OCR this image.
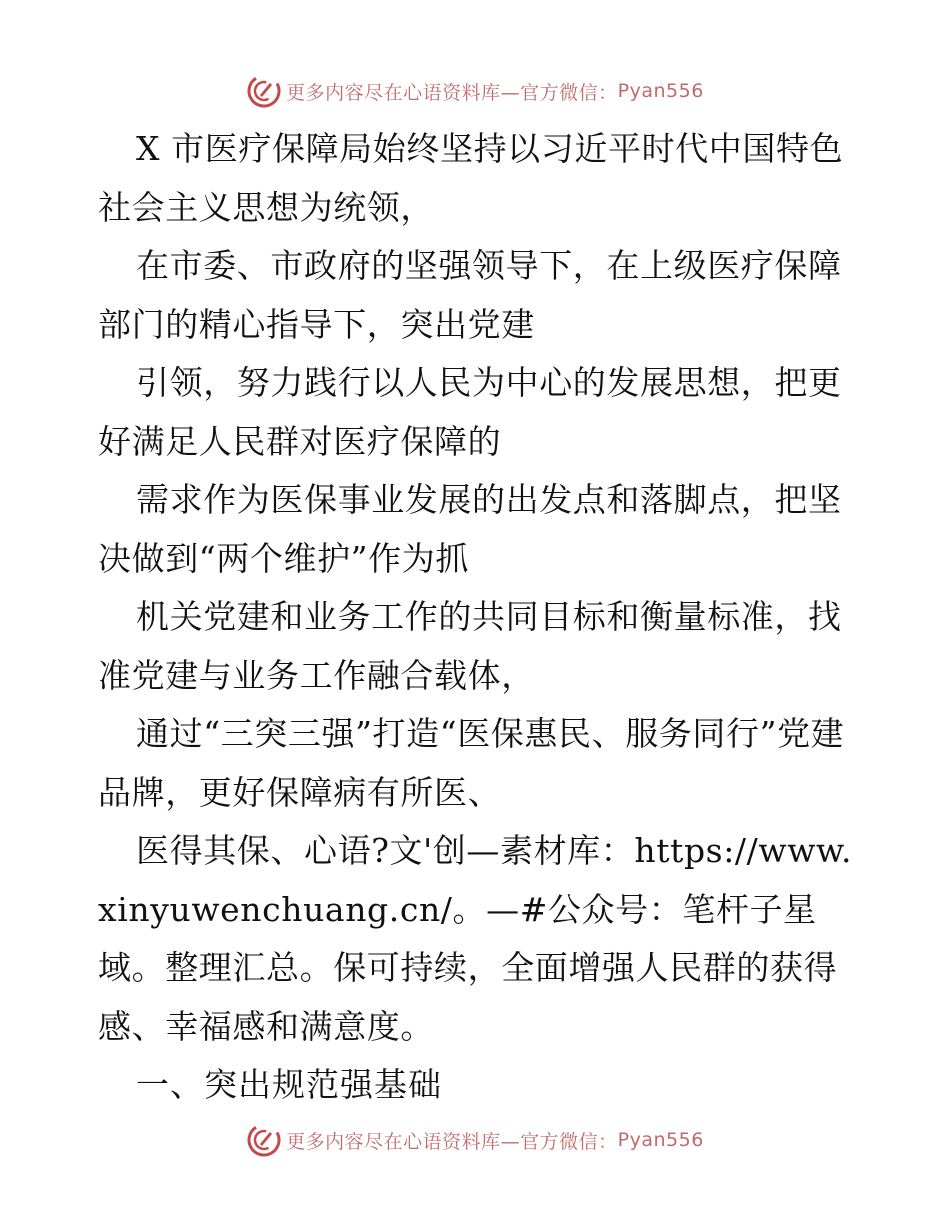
更多内容尽在心语资料库—官方微信： Pyan556

X 市医疗保障局始终坚持以习近平时代中国特色社会主义思想为统领，

在市委、市政府的坚强领导下，在上级医疗保障部门的精心指导下，突出党建

引领，努力践行以人民为中心的发展思想，把更好满足人民群对医疗保障的

需求作为医保事业发展的出发点和落脚点，把坚决做到“两个维护”作为抓

机关党建和业务工作的共同目标和衡量标准，找准党建与业务工作融合载体，

通过“三突三强”打造“医保惠民、服务同行”党建品牌，更好保障病有所医、

医得其保、心语?文'创—素材库：https://www.xinyuwenchuang.cn/。—#公众号：笔杆子星域。整理汇总。保可持续，全面增强人民群的获得感、幸福感和满意度。

一、突出规范强基础

更多内容尽在心语资料库—官方微信： Pyan556
